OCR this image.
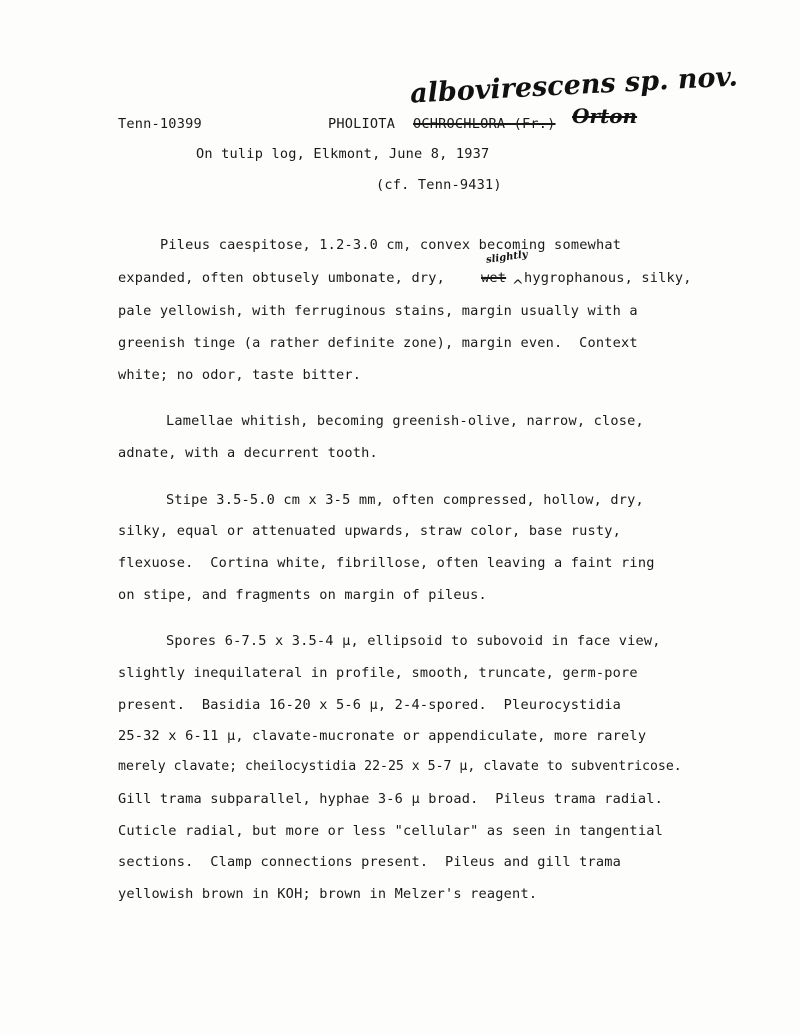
albovirescens sp. nov.
Tenn-10399	PHOLIOTA OCHROCHLORA (Fr.) Orton
On tulip log, Elkmont, June 8, 1937
(cf. Tenn-9431)
Pileus caespitose, 1.2-3.0 cm, convex becoming somewhat
expanded, often obtusely umbonate, dry,	wet
slightly
^ hygrophanous, silky,
pale yellowish, with ferruginous stains, margin usually with a
greenish tinge (a rather definite zone), margin even.  Context
white; no odor, taste bitter.
Lamellae whitish, becoming greenish-olive, narrow, close,
adnate, with a decurrent tooth.
Stipe 3.5-5.0 cm x 3-5 mm, often compressed, hollow, dry,
silky, equal or attenuated upwards, straw color, base rusty,
flexuose.  Cortina white, fibrillose, often leaving a faint ring
on stipe, and fragments on margin of pileus.
Spores 6-7.5 x 3.5-4 μ, ellipsoid to subovoid in face view,
slightly inequilateral in profile, smooth, truncate, germ-pore
present.  Basidia 16-20 x 5-6 μ, 2-4-spored.  Pleurocystidia
25-32 x 6-11 μ, clavate-mucronate or appendiculate, more rarely
merely clavate; cheilocystidia 22-25 x 5-7 μ, clavate to subventricose.
Gill trama subparallel, hyphae 3-6 μ broad.  Pileus trama radial.
Cuticle radial, but more or less "cellular" as seen in tangential
sections.  Clamp connections present.  Pileus and gill trama
yellowish brown in KOH; brown in Melzer's reagent.
